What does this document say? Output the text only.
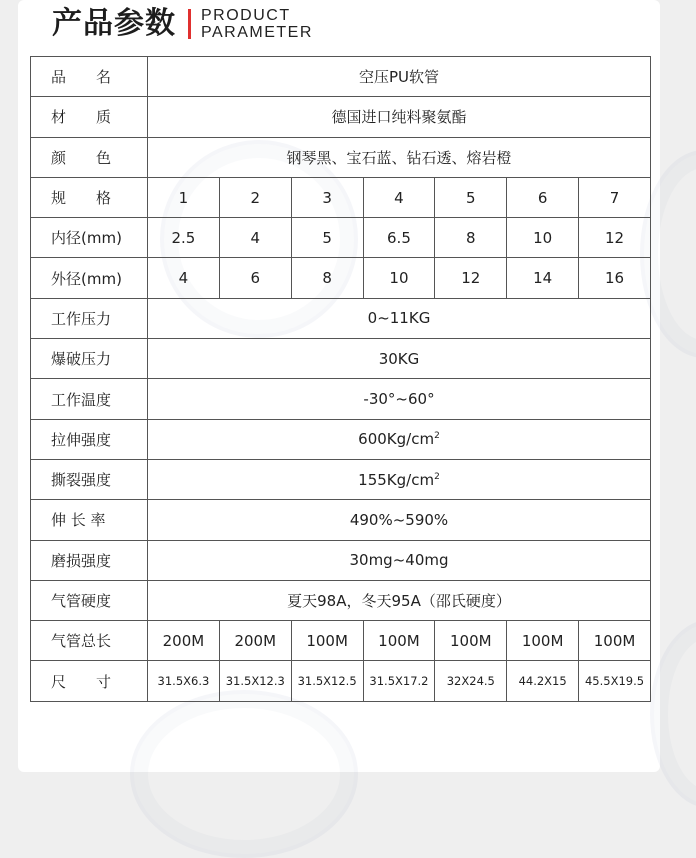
产品参数 PRODUCT
PARAMETER
品　　名	空压PU软管						
材　　质	德国进口纯料聚氨酯						
颜　　色	钢琴黑、宝石蓝、钻石透、熔岩橙						
规　　格	1	2	3	4	5	6	7
内径(mm)	2.5	4	5	6.5	8	10	12
外径(mm)	4	6	8	10	12	14	16
工作压力	0~11KG						
爆破压力	30KG						
工作温度	-30°~60°						
拉伸强度	$600Kg/cm^2$
撕裂强度	$155Kg/cm^2$
伸 长 率	490%~590%						
磨损强度	30mg~40mg						
气管硬度	夏天98A，冬天95A（邵氏硬度）						
气管总长	200M	200M	100M	100M	100M	100M	100M
尺　　寸	31.5X6.3	31.5X12.3	31.5X12.5	31.5X17.2	32X24.5	44.2X15	45.5X19.5
